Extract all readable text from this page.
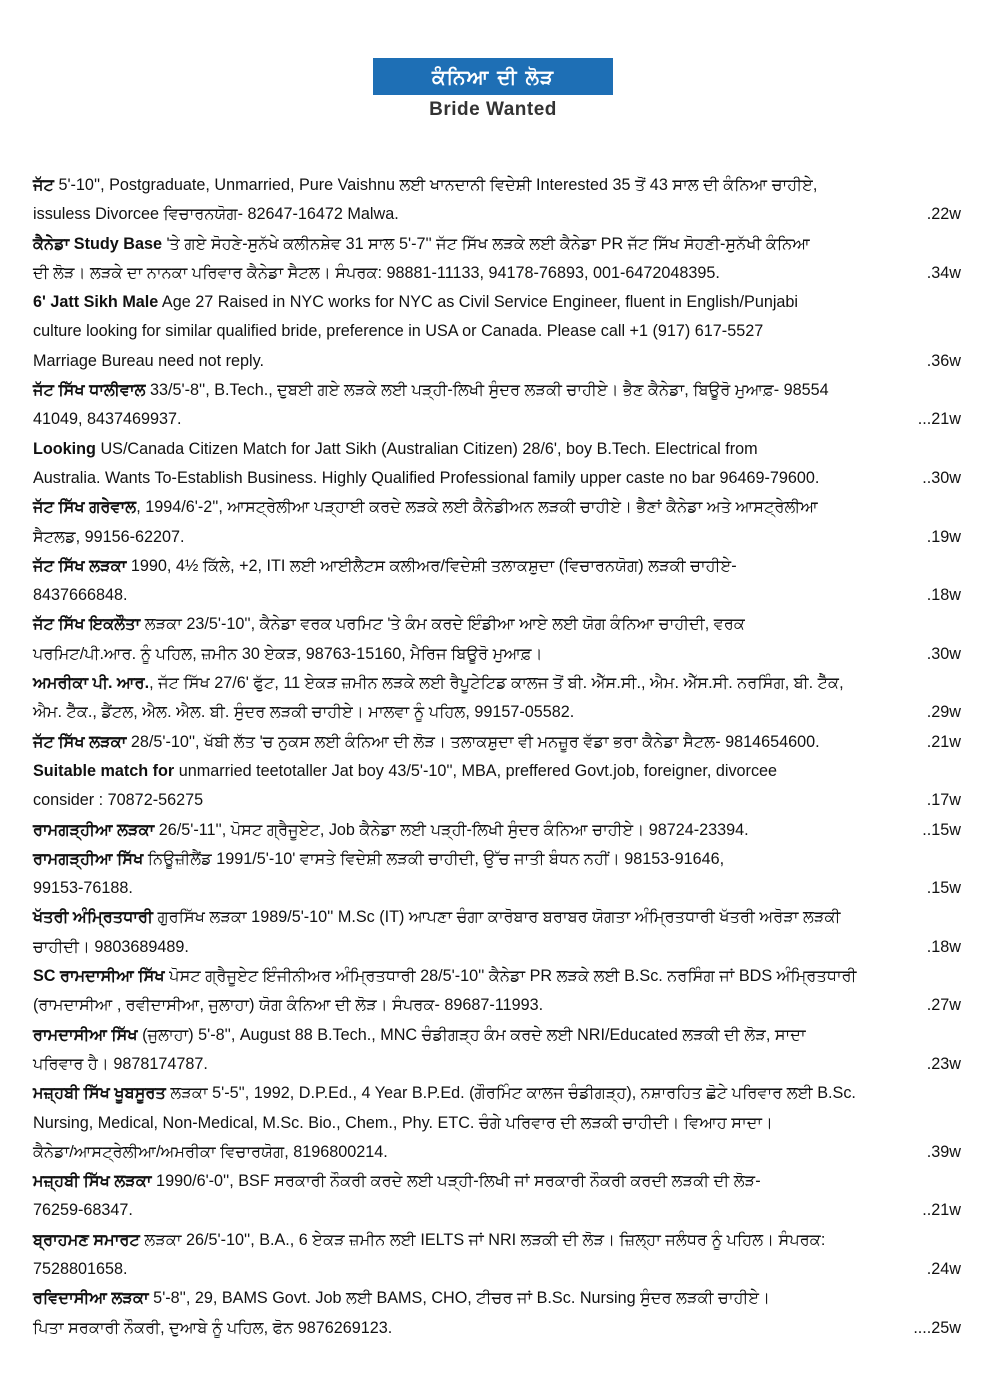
ਕੰਨਿਆ ਦੀ ਲੋੜ
Bride Wanted

ਜੱਟ 5'-10'', Postgraduate, Unmarried, Pure Vaishnu ਲਈ ਖਾਨਦਾਨੀ ਵਿਦੇਸ਼ੀ Interested 35 ਤੋਂ 43 ਸਾਲ ਦੀ ਕੰਨਿਆ ਚਾਹੀਏ,

issuless Divorcee ਵਿਚਾਰਨਯੋਗ- 82647-16472 Malwa.	.22w

ਕੈਨੇਡਾ Study Base 'ਤੇ ਗਏ ਸੋਹਣੇ-ਸੁਨੱਖੇ ਕਲੀਨਸ਼ੇਵ 31 ਸਾਲ 5'-7'' ਜੱਟ ਸਿੱਖ ਲੜਕੇ ਲਈ ਕੈਨੇਡਾ PR ਜੱਟ ਸਿੱਖ ਸੋਹਣੀ-ਸੁਨੱਖੀ ਕੰਨਿਆ

ਦੀ ਲੋੜ। ਲੜਕੇ ਦਾ ਨਾਨਕਾ ਪਰਿਵਾਰ ਕੈਨੇਡਾ ਸੈਟਲ। ਸੰਪਰਕ: 98881-11133, 94178-76893, 001-6472048395.	.34w

6' Jatt Sikh Male Age 27 Raised in NYC works for NYC as Civil Service Engineer, fluent in English/Punjabi

culture looking for similar qualified bride, preference in USA or Canada. Please call +1 (917) 617-5527

Marriage Bureau need not reply.	.36w

ਜੱਟ ਸਿੱਖ ਧਾਲੀਵਾਲ 33/5'-8'', B.Tech., ਦੁਬਈ ਗਏ ਲੜਕੇ ਲਈ ਪੜ੍ਹੀ-ਲਿਖੀ ਸੁੰਦਰ ਲੜਕੀ ਚਾਹੀਏ। ਭੈਣ ਕੈਨੇਡਾ, ਬਿਊਰੋ ਮੁਆਫ਼- 98554

41049, 8437469937.	...21w

Looking US/Canada Citizen Match for Jatt Sikh (Australian Citizen) 28/6', boy B.Tech. Electrical from

Australia. Wants To-Establish Business. Highly Qualified Professional family upper caste no bar 96469-79600.	..30w

ਜੱਟ ਸਿੱਖ ਗਰੇਵਾਲ, 1994/6'-2'', ਆਸਟ੍ਰੇਲੀਆ ਪੜ੍ਹਾਈ ਕਰਦੇ ਲੜਕੇ ਲਈ ਕੈਨੇਡੀਅਨ ਲੜਕੀ ਚਾਹੀਏ। ਭੈਣਾਂ ਕੈਨੇਡਾ ਅਤੇ ਆਸਟ੍ਰੇਲੀਆ

ਸੈਟਲਡ, 99156-62207.	.19w

ਜੱਟ ਸਿੱਖ ਲੜਕਾ 1990, 4½ ਕਿੱਲੇ, +2, ITI ਲਈ ਆਈਲੈਟਸ ਕਲੀਅਰ/ਵਿਦੇਸ਼ੀ ਤਲਾਕਸ਼ੁਦਾ (ਵਿਚਾਰਨਯੋਗ) ਲੜਕੀ ਚਾਹੀਏ-

8437666848.	.18w

ਜੱਟ ਸਿੱਖ ਇਕਲੌਤਾ ਲੜਕਾ 23/5'-10'', ਕੈਨੇਡਾ ਵਰਕ ਪਰਮਿਟ 'ਤੇ ਕੰਮ ਕਰਦੇ ਇੰਡੀਆ ਆਏ ਲਈ ਯੋਗ ਕੰਨਿਆ ਚਾਹੀਦੀ, ਵਰਕ

ਪਰਮਿਟ/ਪੀ.ਆਰ. ਨੂੰ ਪਹਿਲ, ਜ਼ਮੀਨ 30 ਏਕੜ, 98763-15160, ਮੈਰਿਜ ਬਿਊਰੋ ਮੁਆਫ਼।	.30w

ਅਮਰੀਕਾ ਪੀ. ਆਰ., ਜੱਟ ਸਿੱਖ 27/6' ਫੁੱਟ, 11 ਏਕੜ ਜ਼ਮੀਨ ਲੜਕੇ ਲਈ ਰੈਪੂਟੇਟਿਡ ਕਾਲਜ ਤੋਂ ਬੀ. ਐੱਸ.ਸੀ., ਐਮ. ਐੱਸ.ਸੀ. ਨਰਸਿੰਗ, ਬੀ. ਟੈੱਕ,

ਐਮ. ਟੈੱਕ., ਡੈਂਟਲ, ਐਲ. ਐਲ. ਬੀ. ਸੁੰਦਰ ਲੜਕੀ ਚਾਹੀਏ। ਮਾਲਵਾ ਨੂੰ ਪਹਿਲ, 99157-05582.	.29w

ਜੱਟ ਸਿੱਖ ਲੜਕਾ 28/5'-10'', ਖੱਬੀ ਲੱਤ 'ਚ ਨੁਕਸ ਲਈ ਕੰਨਿਆ ਦੀ ਲੋੜ। ਤਲਾਕਸ਼ੁਦਾ ਵੀ ਮਨਜ਼ੂਰ ਵੱਡਾ ਭਰਾ ਕੈਨੇਡਾ ਸੈਟਲ- 9814654600.	.21w

Suitable match for unmarried teetotaller Jat boy 43/5'-10'', MBA, preffered Govt.job, foreigner, divorcee

consider : 70872-56275	.17w

ਰਾਮਗੜ੍ਹੀਆ ਲੜਕਾ 26/5'-11'', ਪੋਸਟ ਗ੍ਰੈਜੂਏਟ, Job ਕੈਨੇਡਾ ਲਈ ਪੜ੍ਹੀ-ਲਿਖੀ ਸੁੰਦਰ ਕੰਨਿਆ ਚਾਹੀਏ। 98724-23394.	..15w

ਰਾਮਗੜ੍ਹੀਆ ਸਿੱਖ ਨਿਊਜ਼ੀਲੈਂਡ 1991/5'-10' ਵਾਸਤੇ ਵਿਦੇਸ਼ੀ ਲੜਕੀ ਚਾਹੀਦੀ, ਉੱਚ ਜਾਤੀ ਬੰਧਨ ਨਹੀਂ। 98153-91646,

99153-76188.	.15w

ਖੱਤਰੀ ਅੰਮ੍ਰਿਤਧਾਰੀ ਗੁਰਸਿੱਖ ਲੜਕਾ 1989/5'-10'' M.Sc (IT) ਆਪਣਾ ਚੰਗਾ ਕਾਰੋਬਾਰ ਬਰਾਬਰ ਯੋਗਤਾ ਅੰਮ੍ਰਿਤਧਾਰੀ ਖੱਤਰੀ ਅਰੋੜਾ ਲੜਕੀ

ਚਾਹੀਦੀ। 9803689489.	.18w

SC ਰਾਮਦਾਸੀਆ ਸਿੱਖ ਪੋਸਟ ਗ੍ਰੈਜੂਏਟ ਇੰਜੀਨੀਅਰ ਅੰਮ੍ਰਿਤਧਾਰੀ 28/5'-10'' ਕੈਨੇਡਾ PR ਲੜਕੇ ਲਈ B.Sc. ਨਰਸਿੰਗ ਜਾਂ BDS ਅੰਮ੍ਰਿਤਧਾਰੀ

(ਰਾਮਦਾਸੀਆ , ਰਵੀਦਾਸੀਆ, ਜੁਲਾਹਾ) ਯੋਗ ਕੰਨਿਆ ਦੀ ਲੋੜ। ਸੰਪਰਕ- 89687-11993.	.27w

ਰਾਮਦਾਸੀਆ ਸਿੱਖ (ਜੁਲਾਹਾ) 5'-8'', August 88 B.Tech., MNC ਚੰਡੀਗੜ੍ਹ ਕੰਮ ਕਰਦੇ ਲਈ NRI/Educated ਲੜਕੀ ਦੀ ਲੋੜ, ਸਾਦਾ

ਪਰਿਵਾਰ ਹੈ। 9878174787.	.23w

ਮਜ਼੍ਹਬੀ ਸਿੱਖ ਖੂਬਸੂਰਤ ਲੜਕਾ 5'-5'', 1992, D.P.Ed., 4 Year B.P.Ed. (ਗੌਰਮਿੰਟ ਕਾਲਜ ਚੰਡੀਗੜ੍ਹ), ਨਸ਼ਾਰਹਿਤ ਛੋਟੇ ਪਰਿਵਾਰ ਲਈ B.Sc.

Nursing, Medical, Non-Medical, M.Sc. Bio., Chem., Phy. ETC. ਚੰਗੇ ਪਰਿਵਾਰ ਦੀ ਲੜਕੀ ਚਾਹੀਦੀ। ਵਿਆਹ ਸਾਦਾ।

ਕੈਨੇਡਾ/ਆਸਟ੍ਰੇਲੀਆ/ਅਮਰੀਕਾ ਵਿਚਾਰਯੋਗ, 8196800214.	.39w

ਮਜ਼੍ਹਬੀ ਸਿੱਖ ਲੜਕਾ 1990/6'-0'', BSF ਸਰਕਾਰੀ ਨੌਕਰੀ ਕਰਦੇ ਲਈ ਪੜ੍ਹੀ-ਲਿਖੀ ਜਾਂ ਸਰਕਾਰੀ ਨੌਕਰੀ ਕਰਦੀ ਲੜਕੀ ਦੀ ਲੋੜ-

76259-68347.	..21w

ਬ੍ਰਾਹਮਣ ਸਮਾਰਟ ਲੜਕਾ 26/5'-10'', B.A., 6 ਏਕੜ ਜ਼ਮੀਨ ਲਈ IELTS ਜਾਂ NRI ਲੜਕੀ ਦੀ ਲੋੜ। ਜ਼ਿਲ੍ਹਾ ਜਲੰਧਰ ਨੂੰ ਪਹਿਲ। ਸੰਪਰਕ:

7528801658.	.24w

ਰਵਿਦਾਸੀਆ ਲੜਕਾ 5'-8'', 29, BAMS Govt. Job ਲਈ BAMS, CHO, ਟੀਚਰ ਜਾਂ B.Sc. Nursing ਸੁੰਦਰ ਲੜਕੀ ਚਾਹੀਏ।

ਪਿਤਾ ਸਰਕਾਰੀ ਨੌਕਰੀ, ਦੁਆਬੇ ਨੂੰ ਪਹਿਲ, ਫੋਨ 9876269123.	....25w
